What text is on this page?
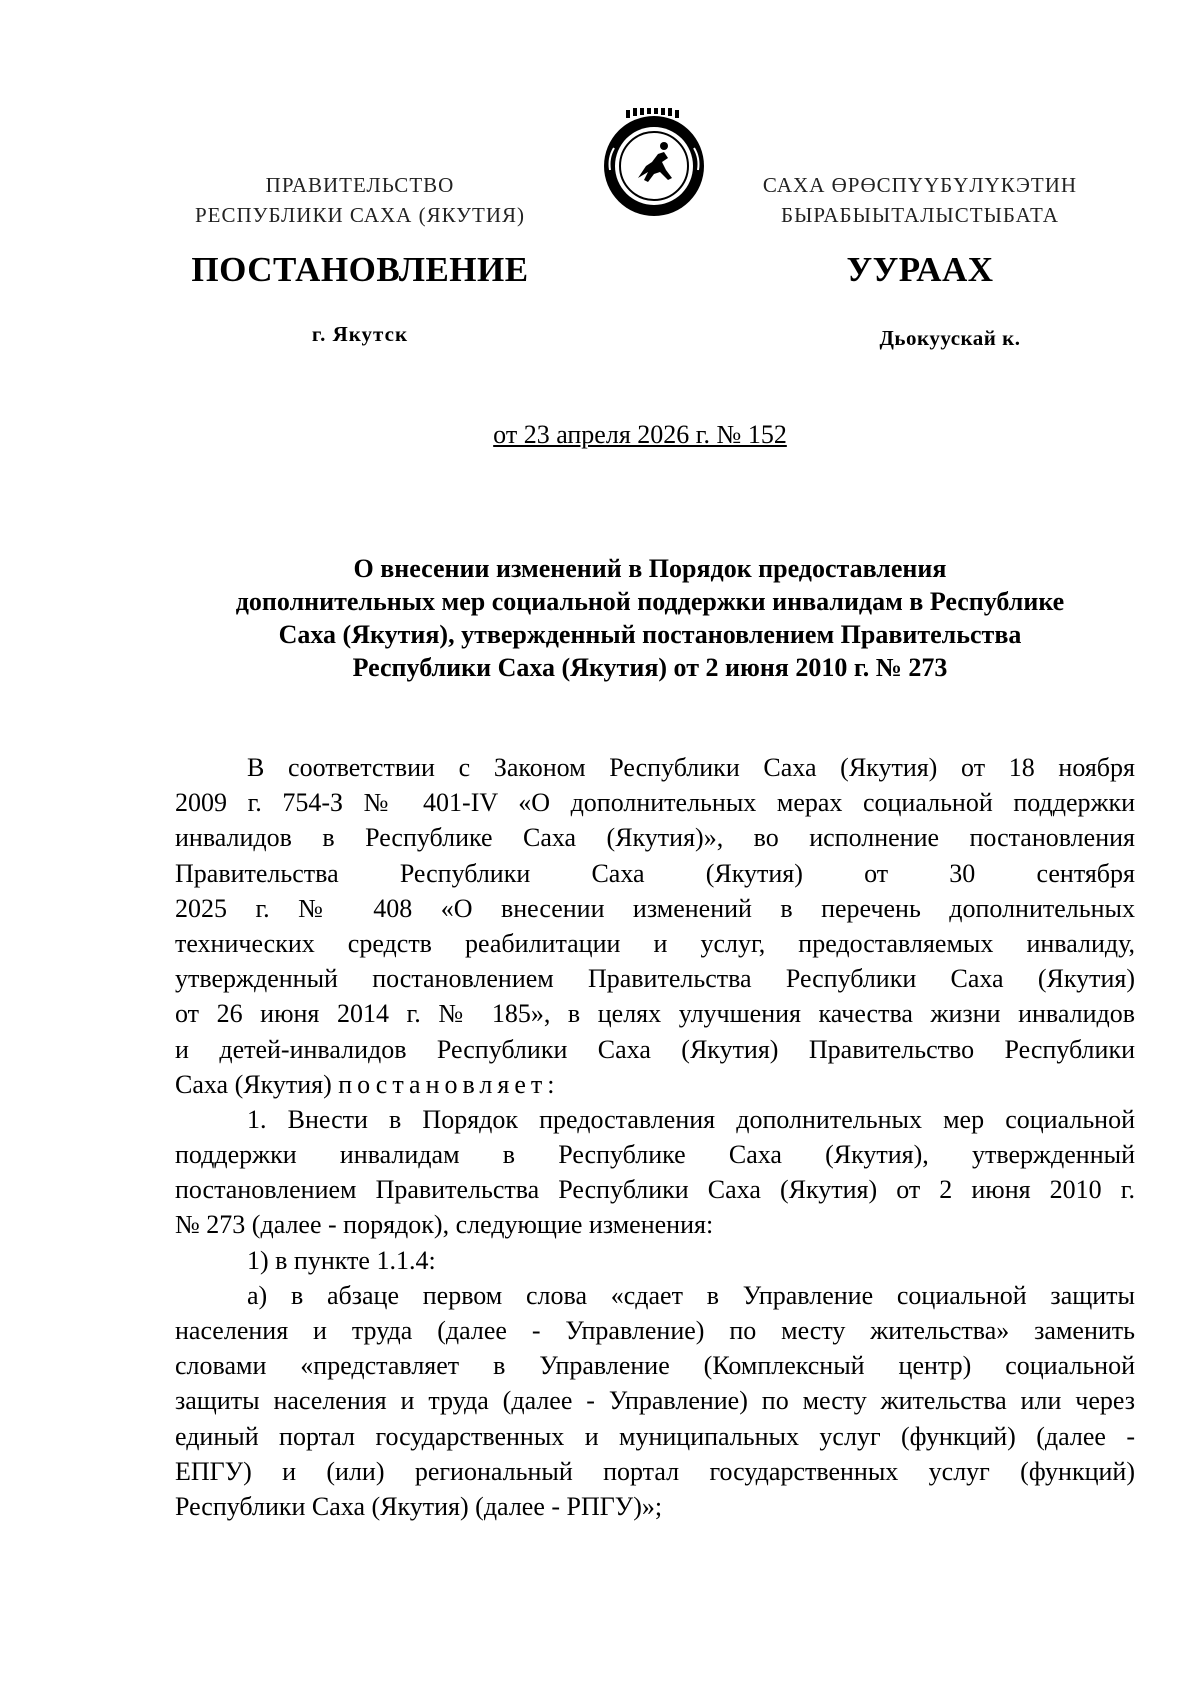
ПРАВИТЕЛЬСТВО
РЕСПУБЛИКИ САХА (ЯКУТИЯ)
САХА ӨРӨСПҮҮБҮЛҮКЭТИН
БЫРАБЫЫТАЛЫСТЫБАТА
ПОСТАНОВЛЕНИЕ	УУРААХ
г. Якутск	Дьокуускай к.
от 23 апреля 2026 г. № 152
О внесении изменений в Порядок предоставления
дополнительных мер социальной поддержки инвалидам в Республике
Саха (Якутия), утвержденный постановлением Правительства
Республики Саха (Якутия) от 2 июня 2010 г. № 273
В соответствии с Законом Республики Саха (Якутия) от 18 ноября
2009 г. 754-З № 401-IV «О дополнительных мерах социальной поддержки
инвалидов в Республике Саха (Якутия)», во исполнение постановления
Правительства Республики Саха (Якутия) от 30 сентября
2025 г. № 408 «О внесении изменений в перечень дополнительных
технических средств реабилитации и услуг, предоставляемых инвалиду,
утвержденный постановлением Правительства Республики Саха (Якутия)
от 26 июня 2014 г. № 185», в целях улучшения качества жизни инвалидов
и детей-инвалидов Республики Саха (Якутия) Правительство Республики
Саха (Якутия) постановляет:
1. Внести в Порядок предоставления дополнительных мер социальной
поддержки инвалидам в Республике Саха (Якутия), утвержденный
постановлением Правительства Республики Саха (Якутия) от 2 июня 2010 г.
№ 273 (далее - порядок), следующие изменения:
1) в пункте 1.1.4:
а) в абзаце первом слова «сдает в Управление социальной защиты
населения и труда (далее - Управление) по месту жительства» заменить
словами «представляет в Управление (Комплексный центр) социальной
защиты населения и труда (далее - Управление) по месту жительства или через
единый портал государственных и муниципальных услуг (функций) (далее -
ЕПГУ) и (или) региональный портал государственных услуг (функций)
Республики Саха (Якутия) (далее - РПГУ)»;
